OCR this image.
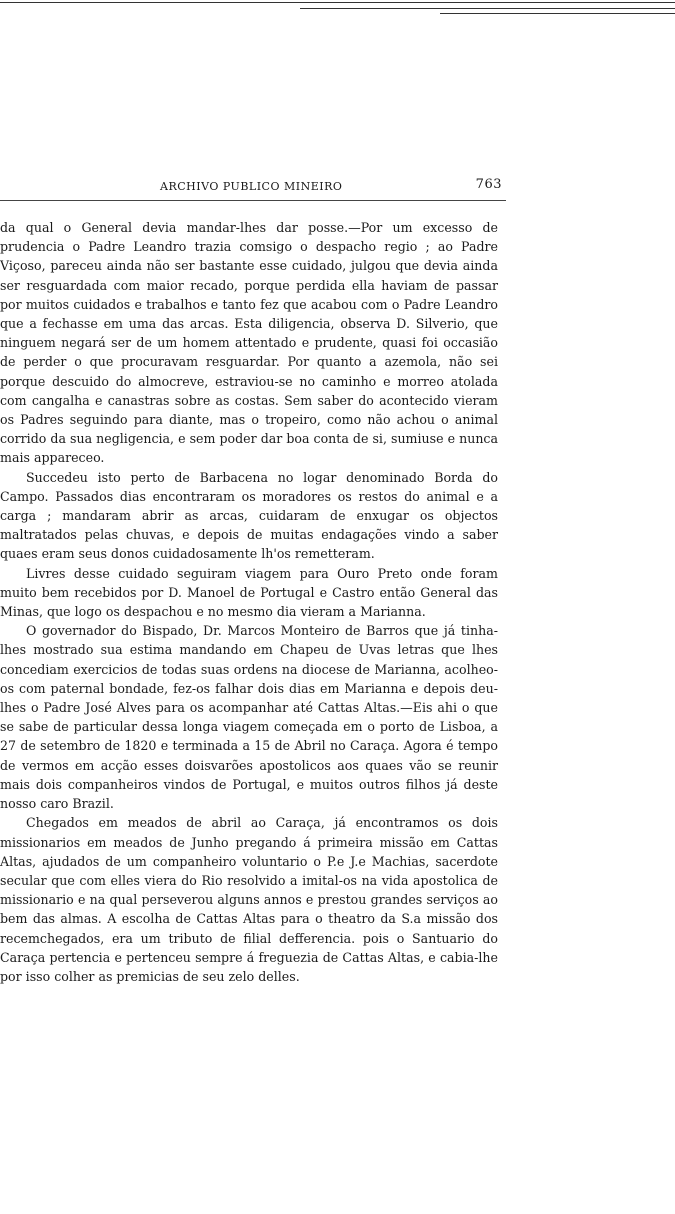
ARCHIVO PUBLICO MINEIRO	763

da qual o General devia mandar-lhes dar posse.—Por um excesso de prudencia o Padre Leandro trazia comsigo o despacho regio ; ao Padre Viçoso, pareceu ainda não ser bastante esse cuidado, julgou que devia ainda ser resguardada com maior recado, porque perdida ella haviam de passar por muitos cuidados e trabalhos e tanto fez que acabou com o Padre Leandro que a fechasse em uma das arcas. Esta diligencia, observa D. Silverio, que ninguem negará ser de um homem attentado e prudente, quasi foi occasião de perder o que procuravam resguardar. Por quanto a azemola, não sei porque descuido do almocreve, estraviou-se no caminho e morreo atolada com cangalha e canastras sobre as costas. Sem saber do acontecido vieram os Padres seguindo para diante, mas o tropeiro, como não achou o animal corrido da sua negligencia, e sem poder dar boa conta de si, sumiuse e nunca mais appareceo.

Succedeu isto perto de Barbacena no logar denominado Borda do Campo. Passados dias encontraram os moradores os restos do animal e a carga ; mandaram abrir as arcas, cuidaram de enxugar os objectos maltratados pelas chuvas, e depois de muitas endagações vindo a saber quaes eram seus donos cuidadosamente lh'os remetteram.

Livres desse cuidado seguiram viagem para Ouro Preto onde foram muito bem recebidos por D. Manoel de Portugal e Castro então General das Minas, que logo os despachou e no mesmo dia vieram a Marianna.

O governador do Bispado, Dr. Marcos Monteiro de Barros que já tinha-lhes mostrado sua estima mandando em Chapeu de Uvas letras que lhes concediam exercicios de todas suas ordens na diocese de Marianna, acolheo-os com paternal bondade, fez-os falhar dois dias em Marianna e depois deu-lhes o Padre José Alves para os acompanhar até Cattas Altas.—Eis ahi o que se sabe de particular dessa longa viagem começada em o porto de Lisboa, a 27 de setembro de 1820 e terminada a 15 de Abril no Caraça. Agora é tempo de vermos em acção esses doisvarões apostolicos aos quaes vão se reunir mais dois companheiros vindos de Portugal, e muitos outros filhos já deste nosso caro Brazil.

Chegados em meados de abril ao Caraça, já encontramos os dois missionarios em meados de Junho pregando á primeira missão em Cattas Altas, ajudados de um companheiro voluntario o P.e J.e Machias, sacerdote secular que com elles viera do Rio resolvido a imital-os na vida apostolica de missionario e na qual perseverou alguns annos e prestou grandes serviços ao bem das almas. A escolha de Cattas Altas para o theatro da S.a missão dos recemchegados, era um tributo de filial defferencia. pois o Santuario do Caraça pertencia e pertenceu sempre á freguezia de Cattas Altas, e cabia-lhe por isso colher as premicias de seu zelo delles.
